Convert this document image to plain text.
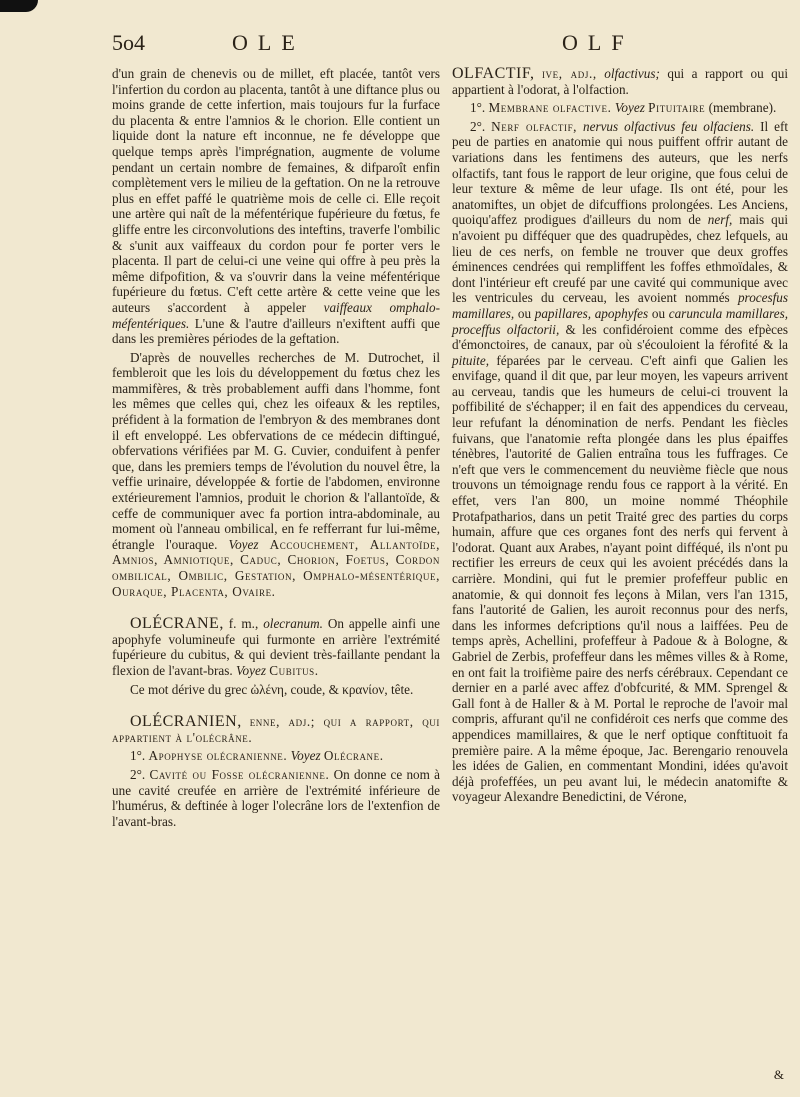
5o4	OLE	OLF

d'un grain de chenevis ou de millet, eft placée, tantôt vers l'infertion du cordon au placenta, tantôt à une diftance plus ou moins grande de cette infertion, mais toujours fur la furface du placenta & entre l'amnios & le chorion. Elle contient un liquide dont la nature eft inconnue, ne fe développe que quelque temps après l'imprégnation, augmente de volume pendant un certain nombre de femaines, & difparoît enfin complètement vers le milieu de la geftation. On ne la retrouve plus en effet paffé le quatrième mois de celle ci. Elle reçoit une artère qui naît de la méfentérique fupérieure du fœtus, fe gliffe entre les circonvolutions des inteftins, traverfe l'ombilic & s'unit aux vaiffeaux du cordon pour fe porter vers le placenta. Il part de celui-ci une veine qui offre à peu près la même difpofition, & va s'ouvrir dans la veine méfentérique fupérieure du fœtus. C'eft cette artère & cette veine que les auteurs s'accordent à appeler vaiffeaux omphalo-méfentériques. L'une & l'autre d'ailleurs n'exiftent auffi que dans les premières périodes de la geftation.

D'après de nouvelles recherches de M. Dutrochet, il fembleroit que les lois du développement du fœtus chez les mammifères, & très probablement auffi dans l'homme, font les mêmes que celles qui, chez les oifeaux & les reptiles, préfident à la formation de l'embryon & des membranes dont il eft enveloppé. Les obfervations de ce médecin diftingué, obfervations vérifiées par M. G. Cuvier, conduifent à penfer que, dans les premiers temps de l'évolution du nouvel être, la veffie urinaire, développée & fortie de l'abdomen, environne extérieurement l'amnios, produit le chorion & l'allantoïde, & ceffe de communiquer avec fa portion intra-abdominale, au moment où l'anneau ombilical, en fe refferrant fur lui-même, étrangle l'ouraque. Voyez Accouchement, Allantoïde, Amnios, Amniotique, Caduc, Chorion, Foetus, Cordon ombilical, Ombilic, Gestation, Omphalo-mésentérique, Ouraque, Placenta, Ovaire.

OLÉCRANE, f. m., olecranum. On appelle ainfi une apophyfe volumineufe qui furmonte en arrière l'extrémité fupérieure du cubitus, & qui devient très-faillante pendant la flexion de l'avant-bras. Voyez Cubitus.

Ce mot dérive du grec ὠλένη, coude, & κρανίον, tête.

OLÉCRANIEN, enne, adj.; qui a rapport, qui appartient à l'olécrâne.

1°. Apophyse olécranienne. Voyez Olécrane.

2°. Cavité ou Fosse olécranienne. On donne ce nom à une cavité creufée en arrière de l'extrémité inférieure de l'humérus, & deftinée à loger l'olecrâne lors de l'extenfion de l'avant-bras.

OLFACTIF, ive, adj., olfactivus; qui a rapport ou qui appartient à l'odorat, à l'olfaction.

1°. Membrane olfactive. Voyez Pituitaire (membrane).

2°. Nerf olfactif, nervus olfactivus feu olfaciens. Il eft peu de parties en anatomie qui nous puiffent offrir autant de variations dans les fentimens des auteurs, que les nerfs olfactifs, tant fous le rapport de leur origine, que fous celui de leur texture & même de leur ufage. Ils ont été, pour les anatomiftes, un objet de difcuffions prolongées. Les Anciens, quoiqu'affez prodigues d'ailleurs du nom de nerf, mais qui n'avoient pu difféquer que des quadrupèdes, chez lefquels, au lieu de ces nerfs, on femble ne trouver que deux groffes éminences cendrées qui rempliffent les foffes ethmoïdales, & dont l'intérieur eft creufé par une cavité qui communique avec les ventricules du cerveau, les avoient nommés procesfus mamillares, ou papillares, apophyfes ou caruncula mamillares, proceffus olfactorii, & les confidéroient comme des efpèces d'émonctoires, de canaux, par où s'écouloient la férofité & la pituite, féparées par le cerveau. C'eft ainfi que Galien les envifage, quand il dit que, par leur moyen, les vapeurs arrivent au cerveau, tandis que les humeurs de celui-ci trouvent la poffibilité de s'échapper; il en fait des appendices du cerveau, leur refufant la dénomination de nerfs. Pendant les fiècles fuivans, que l'anatomie refta plongée dans les plus épaiffes ténèbres, l'autorité de Galien entraîna tous les fuffrages. Ce n'eft que vers le commencement du neuvième fiècle que nous trouvons un témoignage rendu fous ce rapport à la vérité. En effet, vers l'an 800, un moine nommé Théophile Protafpatharios, dans un petit Traité grec des parties du corps humain, affure que ces organes font des nerfs qui fervent à l'odorat. Quant aux Arabes, n'ayant point difféqué, ils n'ont pu rectifier les erreurs de ceux qui les avoient précédés dans la carrière. Mondini, qui fut le premier profeffeur public en anatomie, & qui donnoit fes leçons à Milan, vers l'an 1315, fans l'autorité de Galien, les auroit reconnus pour des nerfs, dans les informes defcriptions qu'il nous a laiffées. Peu de temps après, Achellini, profeffeur à Padoue & à Bologne, & Gabriel de Zerbis, profeffeur dans les mêmes villes & à Rome, en ont fait la troifième paire des nerfs cérébraux. Cependant ce dernier en a parlé avec affez d'obfcurité, & MM. Sprengel & Gall font à de Haller & à M. Portal le reproche de l'avoir mal compris, affurant qu'il ne confidéroit ces nerfs que comme des appendices mamillaires, & que le nerf optique conftituoit fa première paire. A la même époque, Jac. Berengario renouvela les idées de Galien, en commentant Mondini, idées qu'avoit déjà profeffées, un peu avant lui, le médecin anatomifte & voyageur Alexandre Benedictini, de Vérone,

&
